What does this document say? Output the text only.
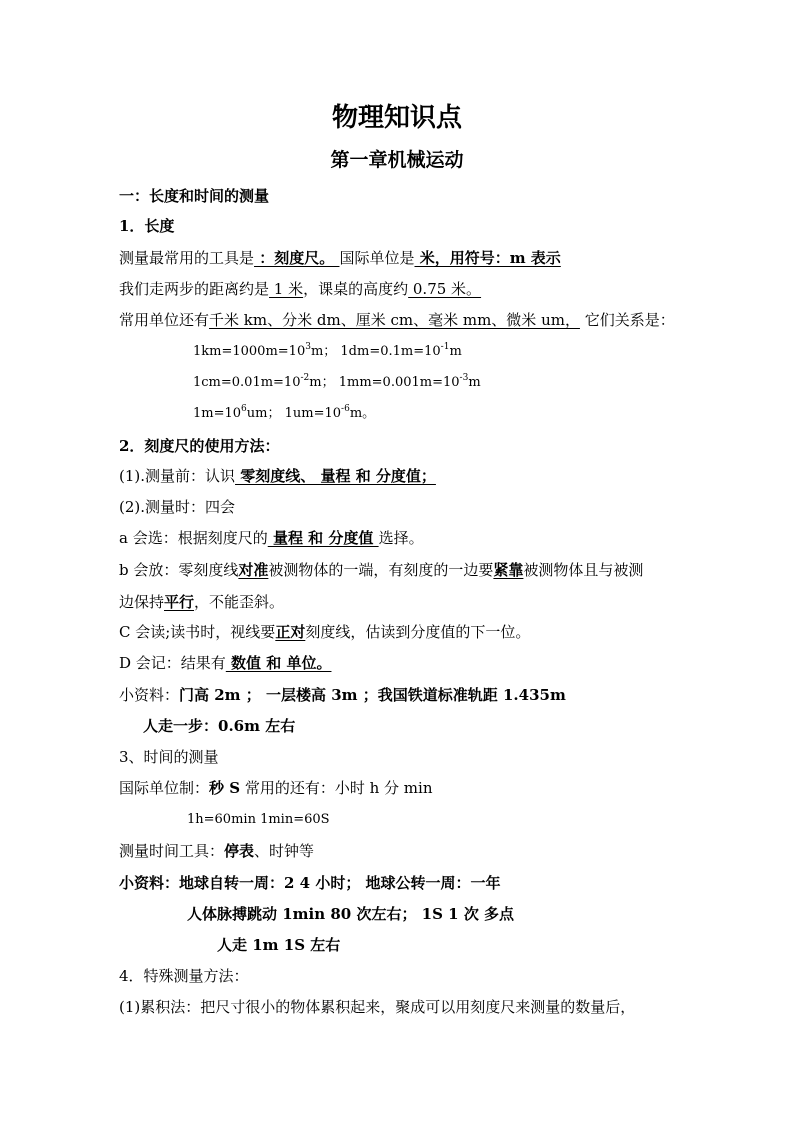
物理知识点
第一章机械运动
一：长度和时间的测量
1．长度
测量最常用的工具是 ：刻度尺。 国际单位是 米，用符号：m 表示
我们走两步的距离约是 1 米，课桌的高度约 0.75 米。
常用单位还有千米 km、分米 dm、厘米 cm、毫米 mm、微米 um， 它们关系是：
$1km=1000m=10^3m$； $1dm=0.1m=10^{-1}m$
$1cm=0.01m=10^{-2}m$； $1mm=0.001m=10^{-3}m$
$1m=10^6um$； $1um=10^{-6}m$。
2．刻度尺的使用方法：
(1).测量前：认识 零刻度线、 量程 和 分度值；
(2).测量时：四会
a 会选：根据刻度尺的 量程 和 分度值 选择。
b 会放：零刻度线对准被测物体的一端，有刻度的一边要紧靠被测物体且与被测
边保持平行，不能歪斜。
C 会读;读书时，视线要正对刻度线，估读到分度值的下一位。
D 会记：结果有 数值 和 单位。
小资料：门高 2m ； 一层楼高 3m ；我国铁道标准轨距 1.435m
人走一步：0.6m 左右
3、时间的测量
国际单位制：秒 S 常用的还有：小时 h 分 min
1h=60min 1min=60S
测量时间工具：停表、时钟等
小资料：地球自转一周：2 4 小时； 地球公转一周：一年
人体脉搏跳动 1min 80 次左右； 1S 1 次 多点
人走 1m 1S 左右
4．特殊测量方法：
(1)累积法：把尺寸很小的物体累积起来，聚成可以用刻度尺来测量的数量后，
